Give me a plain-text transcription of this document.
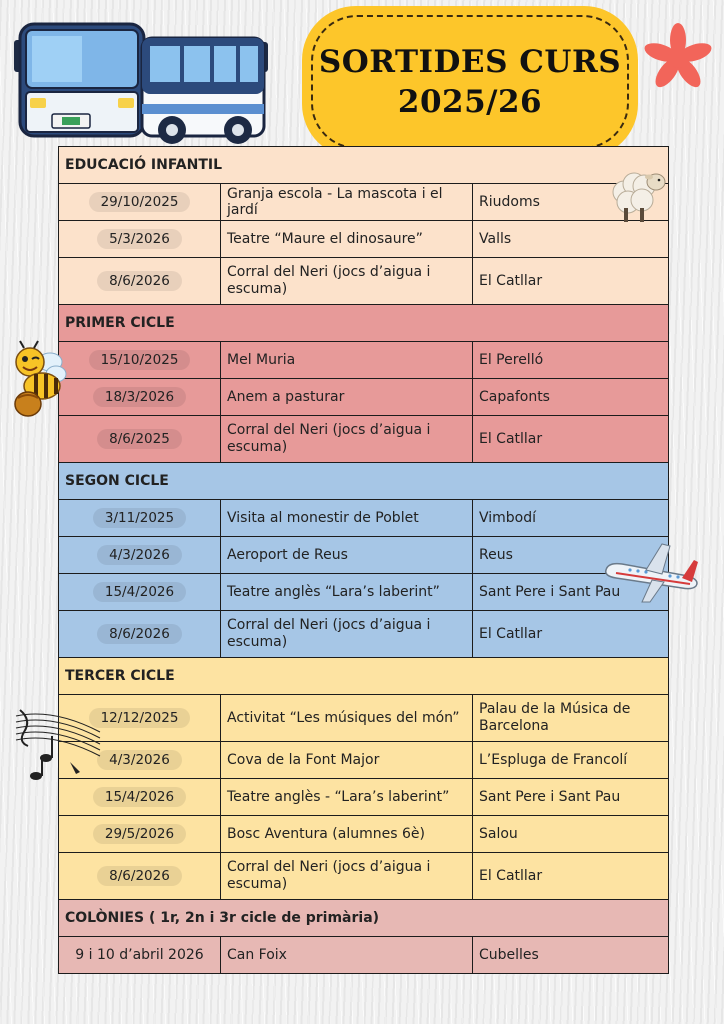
SORTIDES CURS
2025/26
EDUCACIÓ INFANTIL		
29/10/2025	Granja escola - La mascota i el jardí	Riudoms
5/3/2026	Teatre “Maure el dinosaure”	Valls
8/6/2026	Corral del Neri (jocs d’aigua i escuma)	El Catllar
PRIMER CICLE		
15/10/2025	Mel Muria	El Perelló
18/3/2026	Anem a pasturar	Capafonts
8/6/2025	Corral del Neri (jocs d’aigua i escuma)	El Catllar
SEGON CICLE		
3/11/2025	Visita al monestir de Poblet	Vimbodí
4/3/2026	Aeroport de Reus	Reus
15/4/2026	Teatre anglès “Lara’s laberint”	Sant Pere i Sant Pau
8/6/2026	Corral del Neri (jocs d’aigua i escuma)	El Catllar
TERCER CICLE		
12/12/2025	Activitat “Les músiques del món”	Palau de la Música de Barcelona
4/3/2026	Cova de la Font Major	L’Espluga de Francolí
15/4/2026	Teatre anglès - “Lara’s laberint”	Sant Pere i Sant Pau
29/5/2026	Bosc Aventura (alumnes 6è)	Salou
8/6/2026	Corral del Neri (jocs d’aigua i escuma)	El Catllar
COLÒNIES ( 1r, 2n i 3r cicle de primària)		
9 i 10 d’abril 2026	Can Foix	Cubelles
